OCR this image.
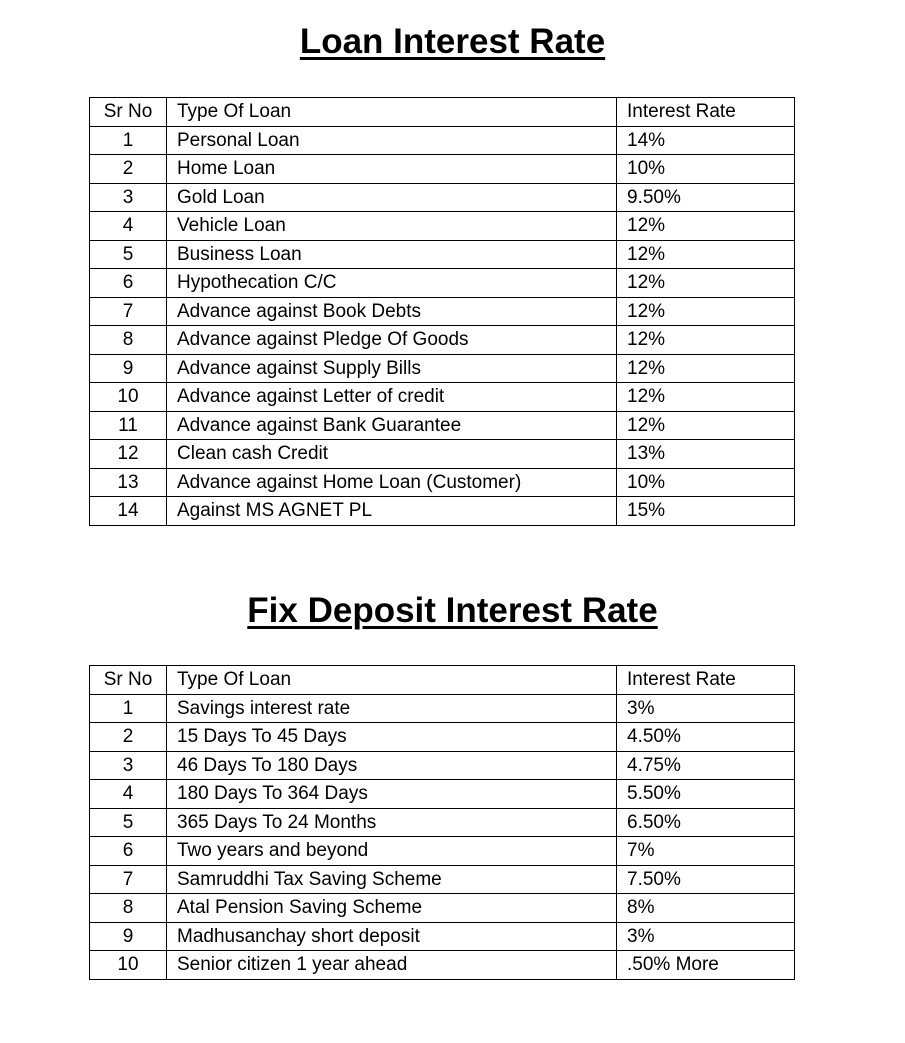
Loan Interest Rate
Sr No	Type Of Loan	Interest Rate
1	Personal Loan	14%
2	Home Loan	10%
3	Gold Loan	9.50%
4	Vehicle Loan	12%
5	Business Loan	12%
6	Hypothecation C/C	12%
7	Advance against Book Debts	12%
8	Advance against Pledge Of Goods	12%
9	Advance against Supply Bills	12%
10	Advance against Letter of credit	12%
11	Advance against Bank Guarantee	12%
12	Clean cash Credit	13%
13	Advance against Home Loan (Customer)	10%
14	Against MS AGNET PL	15%
Fix Deposit Interest Rate
Sr No	Type Of Loan	Interest Rate
1	Savings interest rate	3%
2	15 Days To 45 Days	4.50%
3	46 Days To 180 Days	4.75%
4	180 Days To 364 Days	5.50%
5	365 Days To 24 Months	6.50%
6	Two years and beyond	7%
7	Samruddhi Tax Saving Scheme	7.50%
8	Atal Pension Saving Scheme	8%
9	Madhusanchay short deposit	3%
10	Senior citizen 1 year ahead	.50% More
